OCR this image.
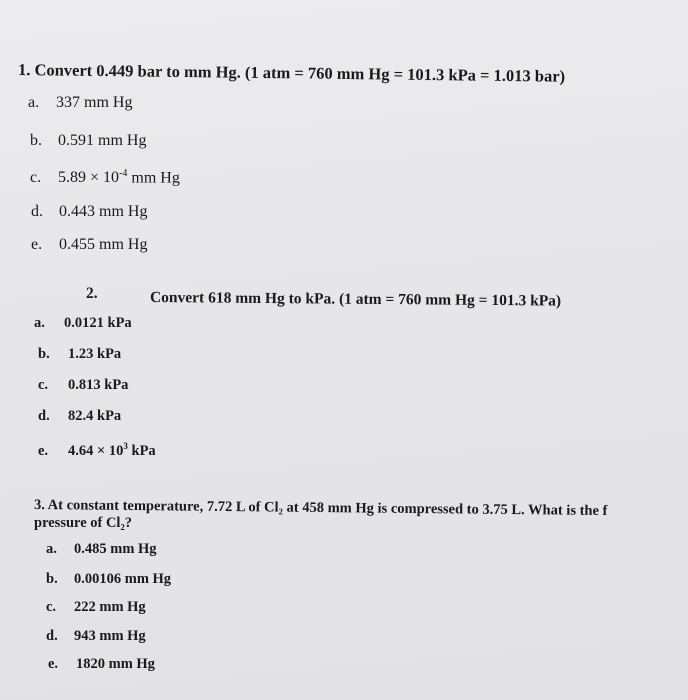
1. Convert 0.449 bar to mm Hg. (1 atm = 760 mm Hg = 101.3 kPa = 1.013 bar)
a. 337 mm Hg
b. 0.591 mm Hg
c. $5.89 \times 10^{-4}$ mm Hg
d. 0.443 mm Hg
e. 0.455 mm Hg
2.	Convert 618 mm Hg to kPa. (1 atm = 760 mm Hg = 101.3 kPa)
a. 0.0121 kPa
b. 1.23 kPa
c. 0.813 kPa
d. 82.4 kPa
e. $4.64 \times 10^3$ kPa
3. At constant temperature, 7.72 L of Cl₂ at 458 mm Hg is compressed to 3.75 L. What is the f
pressure of Cl₂?
a. 0.485 mm Hg
b. 0.00106 mm Hg
c. 222 mm Hg
d. 943 mm Hg
e. 1820 mm Hg
